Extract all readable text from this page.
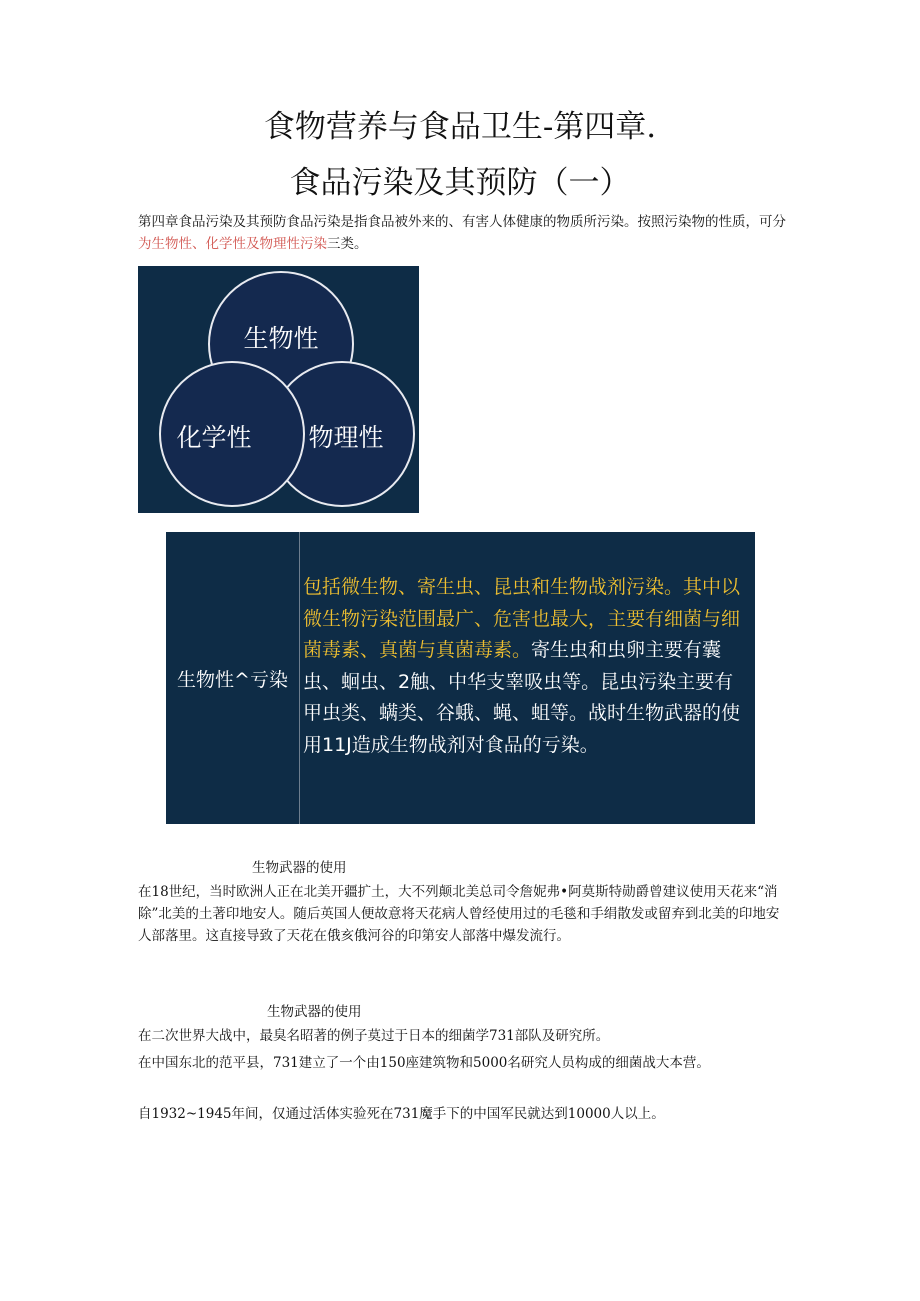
食物营养与食品卫生-第四章.
食品污染及其预防（一）

第四章食品污染及其预防食品污染是指食品被外来的、有害人体健康的物质所污染。按照污染物的性质，可分为生物性、化学性及物理性污染三类。

生物性
化学性 物理性
生物性^亏染
包括微生物、寄生虫、昆虫和生物战剂污染。其中以微生物污染范围最广、危害也最大，主要有细菌与细菌毒素、真菌与真菌毒素。寄生虫和虫卵主要有囊虫、蛔虫、2触、中华支睾吸虫等。昆虫污染主要有甲虫类、螨类、谷蛾、蝇、蛆等。战时生物武器的使用11J造成生物战剂对食品的亏染。

生物武器的使用

在18世纪，当时欧洲人正在北美开疆扩土，大不列颠北美总司令詹妮弗•阿莫斯特勋爵曾建议使用天花来“消除”北美的土著印地安人。随后英国人便故意将天花病人曾经使用过的毛毯和手绢散发或留弃到北美的印地安人部落里。这直接导致了天花在俄亥俄河谷的印第安人部落中爆发流行。

生物武器的使用

在二次世界大战中，最臭名昭著的例子莫过于日本的细菌学731部队及研究所。

在中国东北的范平县，731建立了一个由150座建筑物和5000名研究人员构成的细菌战大本营。

自1932~1945年间，仅通过活体实验死在731魔手下的中国军民就达到10000人以上。
